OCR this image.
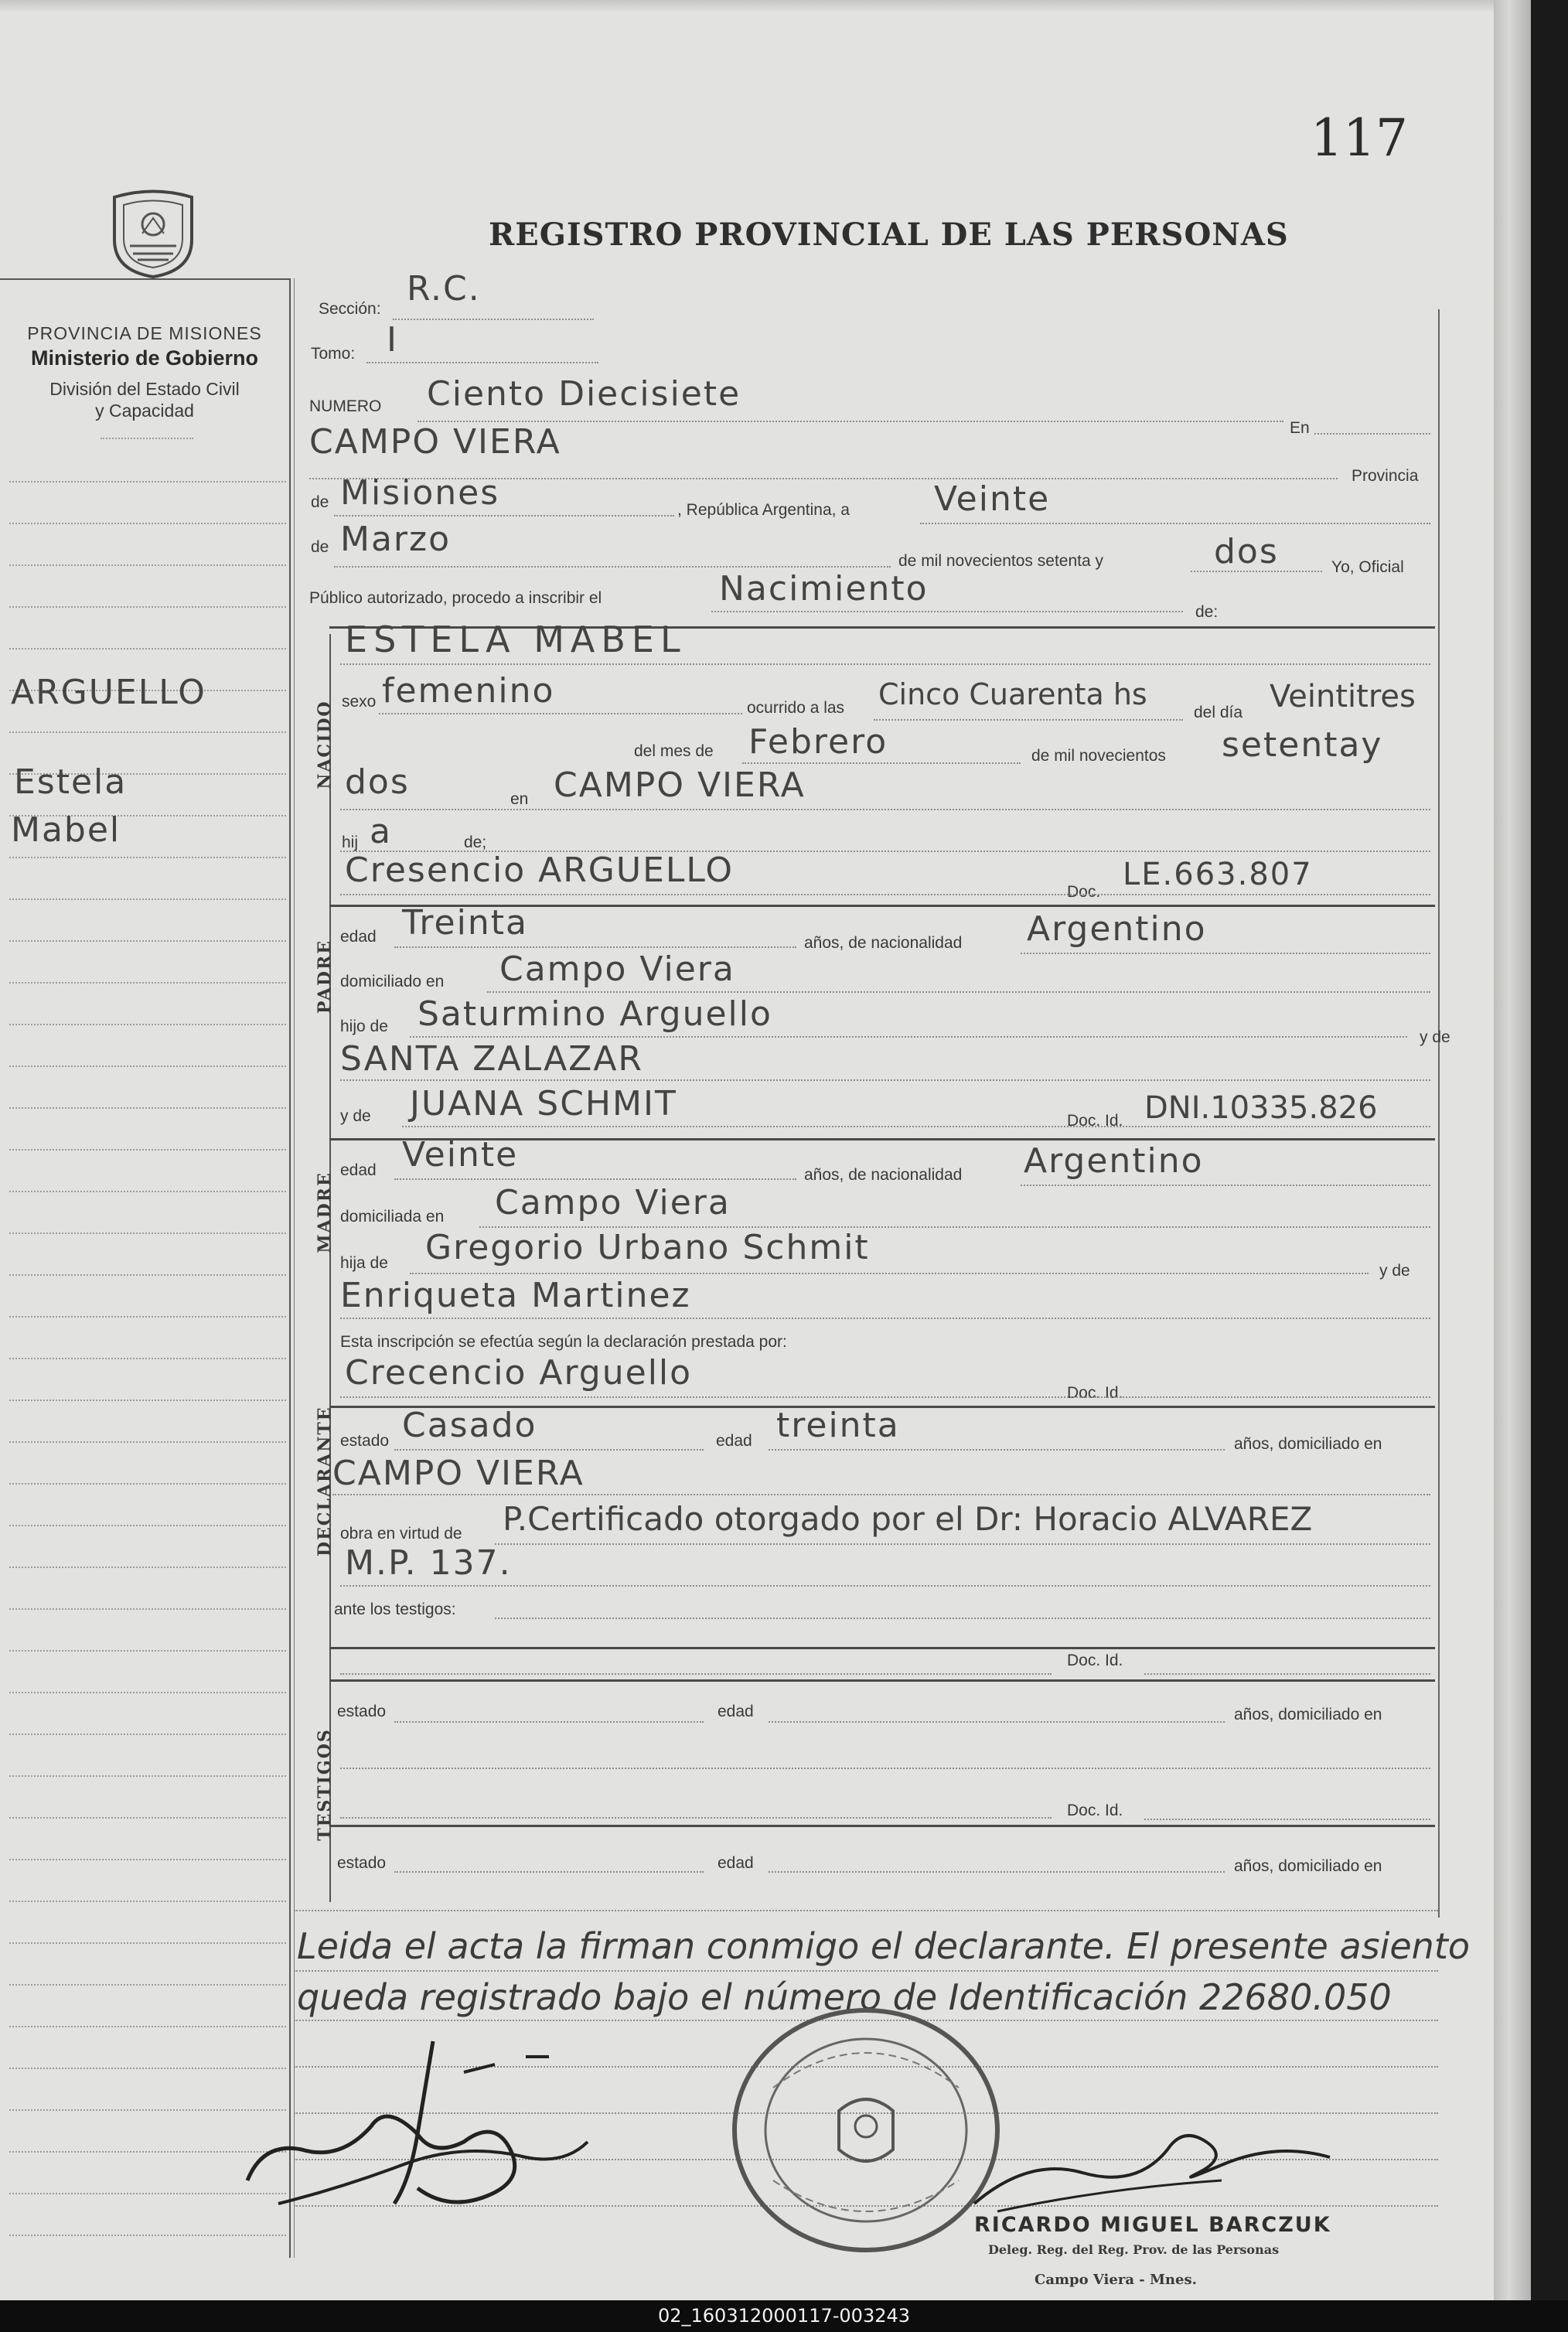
117
REGISTRO PROVINCIAL DE LAS PERSONAS
PROVINCIA DE MISIONES
Ministerio de Gobierno
División del Estado Civil
y Capacidad
ARGUELLO
Estela
Mabel
NACIDO
PADRE
MADRE
DECLARANTE
TESTIGOS
Sección:
R.C.
Tomo: I
NUMERO Ciento Diecisiete
En
CAMPO VIERA
Provincia
de Misiones	, República Argentina, a Veinte
de Marzo
de mil novecientos setenta y	dos	Yo, Oficial
Público autorizado, procedo a inscribir el	Nacimiento
de:
ESTELA MABEL
sexo femenino	ocurrido a las Cinco Cuarenta hs
del día Veintitres
del mes de Febrero	de mil novecientos setentay
dos	en CAMPO VIERA
hij a	de;
Cresencio ARGUELLO
Doc. LE.663.807
edad Treinta
años, de nacionalidad Argentino
domiciliado en Campo Viera
hijo de Saturmino Arguello
y de
SANTA ZALAZAR
y de JUANA SCHMIT	Doc. Id. DNI.10335.826
edad Veinte
años, de nacionalidad Argentino
domiciliada en Campo Viera
hija de Gregorio Urbano Schmit
y de
Enriqueta Martinez
Esta inscripción se efectúa según la declaración prestada por:
Crecencio Arguello
Doc. Id.
estado Casado	edad treinta	años, domiciliado en
CAMPO VIERA
obra en virtud de P.Certificado otorgado por el Dr: Horacio ALVAREZ
M.P. 137.
ante los testigos:
Doc. Id.
estado	edad	años, domiciliado en
Doc. Id.
estado	edad	años, domiciliado en
Leida el acta la firman conmigo el declarante. El presente asiento
queda registrado bajo el número de Identificación 22680.050
RICARDO MIGUEL BARCZUK
Deleg. Reg. del Reg. Prov. de las Personas
Campo Viera - Mnes.
02_160312000117-003243
